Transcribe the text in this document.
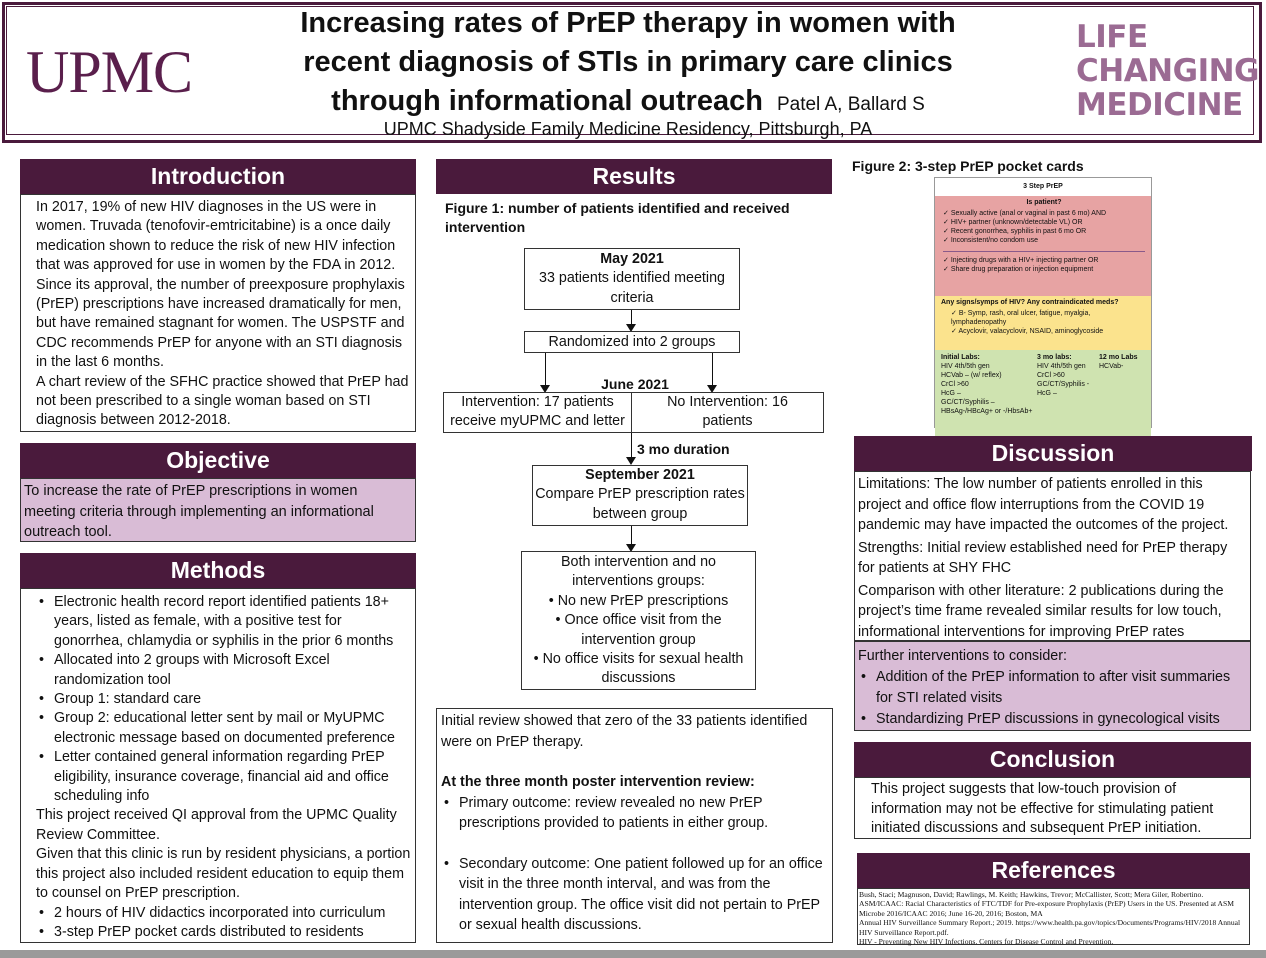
UPMC
LIFE
CHANGING
MEDICINE
Increasing rates of PrEP therapy in women with
recent diagnosis of STIs in primary care clinics
through informational outreach Patel A, Ballard S
UPMC Shadyside Family Medicine Residency, Pittsburgh, PA
Introduction
In 2017, 19% of new HIV diagnoses in the US were in women. Truvada (tenofovir-emtricitabine) is a once daily medication shown to reduce the risk of new HIV infection that was approved for use in women by the FDA in 2012. Since its approval, the number of preexposure prophylaxis (PrEP) prescriptions have increased dramatically for men, but have remained stagnant for women. The USPSTF and CDC recommends PrEP for anyone with an STI diagnosis in the last 6 months.
A chart review of the SFHC practice showed that PrEP had not been prescribed to a single woman based on STI diagnosis between 2012-2018.
Objective
To increase the rate of PrEP prescriptions in women meeting criteria through implementing an informational outreach tool.
Methods
• Electronic health record report identified patients 18+ years, listed as female, with a positive test for gonorrhea, chlamydia or syphilis in the prior 6 months
• Allocated into 2 groups with Microsoft Excel randomization tool
• Group 1: standard care
• Group 2: educational letter sent by mail or MyUPMC electronic message based on documented preference
• Letter contained general information regarding PrEP eligibility, insurance coverage, financial aid and office scheduling info
This project received QI approval from the UPMC Quality Review Committee.
Given that this clinic is run by resident physicians, a portion this project also included resident education to equip them to counsel on PrEP prescription.
• 2 hours of HIV didactics incorporated into curriculum
• 3-step PrEP pocket cards distributed to residents
Results
Figure 1: number of patients identified and received intervention
May 2021
33 patients identified meeting criteria
Randomized into 2 groups
June 2021
Intervention: 17 patients receive myUPMC and letter
No Intervention: 16 patients
3 mo duration
September 2021
Compare PrEP prescription rates between group
Both intervention and no interventions groups:
• No new PrEP prescriptions
• Once office visit from the intervention group
• No office visits for sexual health discussions
Initial review showed that zero of the 33 patients identified were on PrEP therapy.
At the three month poster intervention review:
• Primary outcome: review revealed no new PrEP prescriptions provided to patients in either group.
• Secondary outcome: One patient followed up for an office visit in the three month interval, and was from the intervention group. The office visit did not pertain to PrEP or sexual health discussions.
Figure 2: 3-step PrEP pocket cards
3 Step PrEP
Is patient?
✓ Sexually active (anal or vaginal in past 6 mo) AND
✓ HIV+ partner (unknown/detectable VL) OR
✓ Recent gonorrhea, syphilis in past 6 mo OR
✓ Inconsistent/no condom use
✓ Injecting drugs with a HIV+ injecting partner OR
✓ Share drug preparation or injection equipment
Any signs/symps of HIV? Any contraindicated meds?
✓ B- Symp, rash, oral ulcer, fatigue, myalgia, lymphadenopathy
✓ Acyclovir, valacyclovir, NSAID, aminoglycoside
Initial Labs:
HIV 4th/5th gen
HCVab – (w/ reflex)
CrCl >60
HcG –
GC/CT/Syphilis –
HBsAg-/HBcAg+ or -/HbsAb+
3 mo labs:
HIV 4th/5th gen
CrCl >60
GC/CT/Syphilis -
HcG –
12 mo Labs
HCVab-
Discussion
Limitations: The low number of patients enrolled in this project and office flow interruptions from the COVID 19 pandemic may have impacted the outcomes of the project.
Strengths: Initial review established need for PrEP therapy for patients at SHY FHC
Comparison with other literature: 2 publications during the project’s time frame revealed similar results for low touch, informational interventions for improving PrEP rates
Further interventions to consider:
• Addition of the PrEP information to after visit summaries for STI related visits
• Standardizing PrEP discussions in gynecological visits
Conclusion
This project suggests that low-touch provision of information may not be effective for stimulating patient initiated discussions and subsequent PrEP initiation.
References
Bush, Staci; Magnuson, David; Rawlings, M. Keith; Hawkins, Trevor; McCallister, Scott; Mera Giler, Robertino. ASM/ICAAC: Racial Characteristics of FTC/TDF for Pre-exposure Prophylaxis (PrEP) Users in the US. Presented at ASM Microbe 2016/ICAAC 2016; June 16-20, 2016; Boston, MA
Annual HIV Surveillance Summary Report.; 2019. https://www.health.pa.gov/topics/Documents/Programs/HIV/2018 Annual HIV Surveillance Report.pdf.
HIV - Preventing New HIV Infections. Centers for Disease Control and Prevention.
